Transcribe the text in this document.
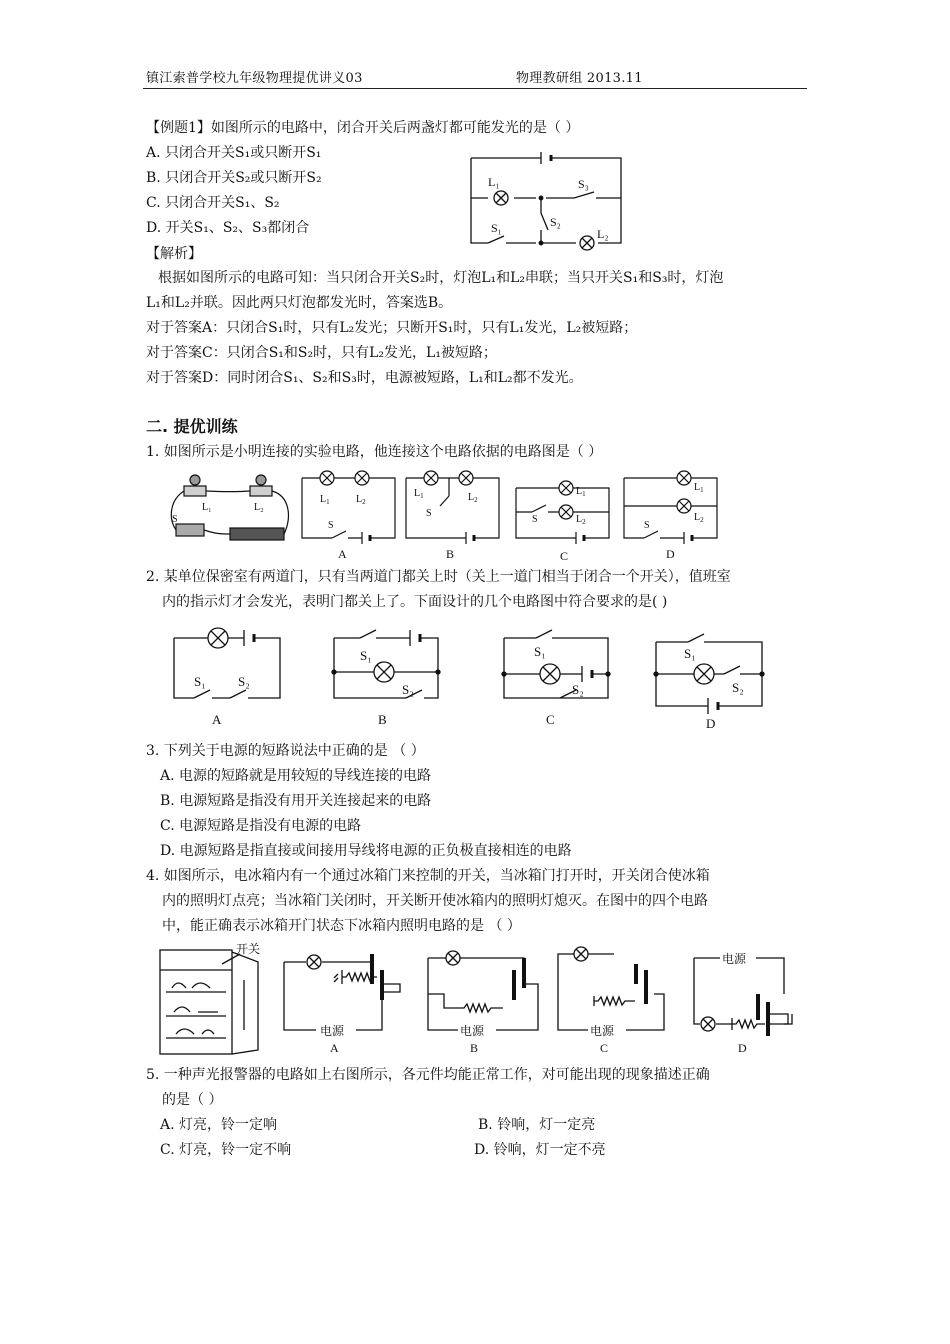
镇江索普学校九年级物理提优讲义03	物理教研组 2013.11
【例题1】如图所示的电路中，闭合开关后两盏灯都可能发光的是（ ）
A. 只闭合开关S₁或只断开S₁
B. 只闭合开关S₂或只断开S₂
C. 只闭合开关S₁、S₂
D. 开关S₁、S₂、S₃都闭合
【解析】
根据如图所示的电路可知：当只闭合开关S₂时，灯泡L₁和L₂串联；当只开关S₁和S₃时，灯泡
L₁和L₂并联。因此两只灯泡都发光时，答案选B。
对于答案A：只闭合S₁时，只有L₂发光；只断开S₁时，只有L₁发光，L₂被短路；
对于答案C：只闭合S₁和S₂时，只有L₂发光，L₁被短路；
对于答案D：同时闭合S₁、S₂和S₃时，电源被短路，L₁和L₂都不发光。
L₁	S₃
S₁	S₂
L₂
二. 提优训练
1. 如图所示是小明连接的实验电路，他连接这个电路依据的电路图是（ ）
L₁	L₂
S
$L_1$	$L_2$
S
A
$L_1$	$L_2$
S
B
$L_1$
$L_2$
S
C
$L_1$
$L_2$
S
D
2. 某单位保密室有两道门，只有当两道门都关上时（关上一道门相当于闭合一个开关），值班室
内的指示灯才会发光，表明门都关上了。下面设计的几个电路图中符合要求的是( )
S₁ S₂
A
S₁
S₂
B
S₁
S₂
C
S₁
S₂
D
3. 下列关于电源的短路说法中正确的是 （ ）
A. 电源的短路就是用较短的导线连接的电路
B. 电源短路是指没有用开关连接起来的电路
C. 电源短路是指没有电源的电路
D. 电源短路是指直接或间接用导线将电源的正负极直接相连的电路
4. 如图所示，电冰箱内有一个通过冰箱门来控制的开关，当冰箱门打开时，开关闭合使冰箱
内的照明灯点亮；当冰箱门关闭时，开关断开使冰箱内的照明灯熄灭。在图中的四个电路
中，能正确表示冰箱开门状态下冰箱内照明电路的是 （ ）
开关
电源
A
电源
B
电源
C
电源
D
5. 一种声光报警器的电路如上右图所示，各元件均能正常工作，对可能出现的现象描述正确
的是（ ）
A. 灯亮，铃一定响	B. 铃响，灯一定亮
C. 灯亮，铃一定不响	D. 铃响，灯一定不亮
